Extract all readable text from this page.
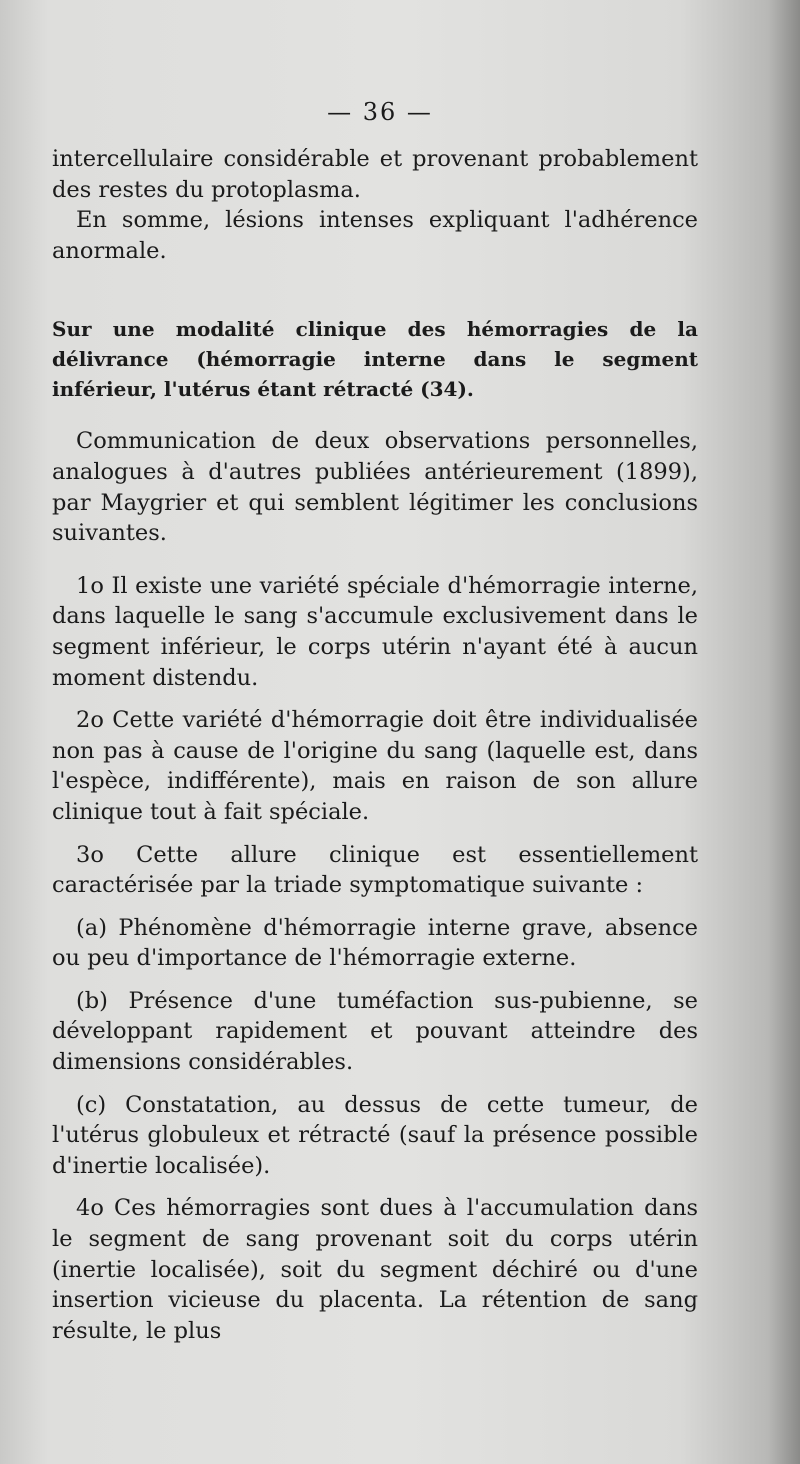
— 36 —

intercellulaire considérable et provenant probablement des restes du protoplasma.

En somme, lésions intenses expliquant l'adhérence anormale.

Sur une modalité clinique des hémorragies de la délivrance (hémorragie interne dans le segment inférieur, l'utérus étant rétracté (34).

Communication de deux observations personnelles, analogues à d'autres publiées antérieurement (1899), par Maygrier et qui semblent légitimer les conclusions suivantes.

1o Il existe une variété spéciale d'hémorragie interne, dans laquelle le sang s'accumule exclusivement dans le segment inférieur, le corps utérin n'ayant été à aucun moment distendu.

2o Cette variété d'hémorragie doit être individualisée non pas à cause de l'origine du sang (laquelle est, dans l'espèce, indifférente), mais en raison de son allure clinique tout à fait spéciale.

3o Cette allure clinique est essentiellement caractérisée par la triade symptomatique suivante :

(a) Phénomène d'hémorragie interne grave, absence ou peu d'importance de l'hémorragie externe.

(b) Présence d'une tuméfaction sus-pubienne, se développant rapidement et pouvant atteindre des dimensions considérables.

(c) Constatation, au dessus de cette tumeur, de l'utérus globuleux et rétracté (sauf la présence possible d'inertie localisée).

4o Ces hémorragies sont dues à l'accumulation dans le segment de sang provenant soit du corps utérin (inertie localisée), soit du segment déchiré ou d'une insertion vicieuse du placenta. La rétention de sang résulte, le plus
